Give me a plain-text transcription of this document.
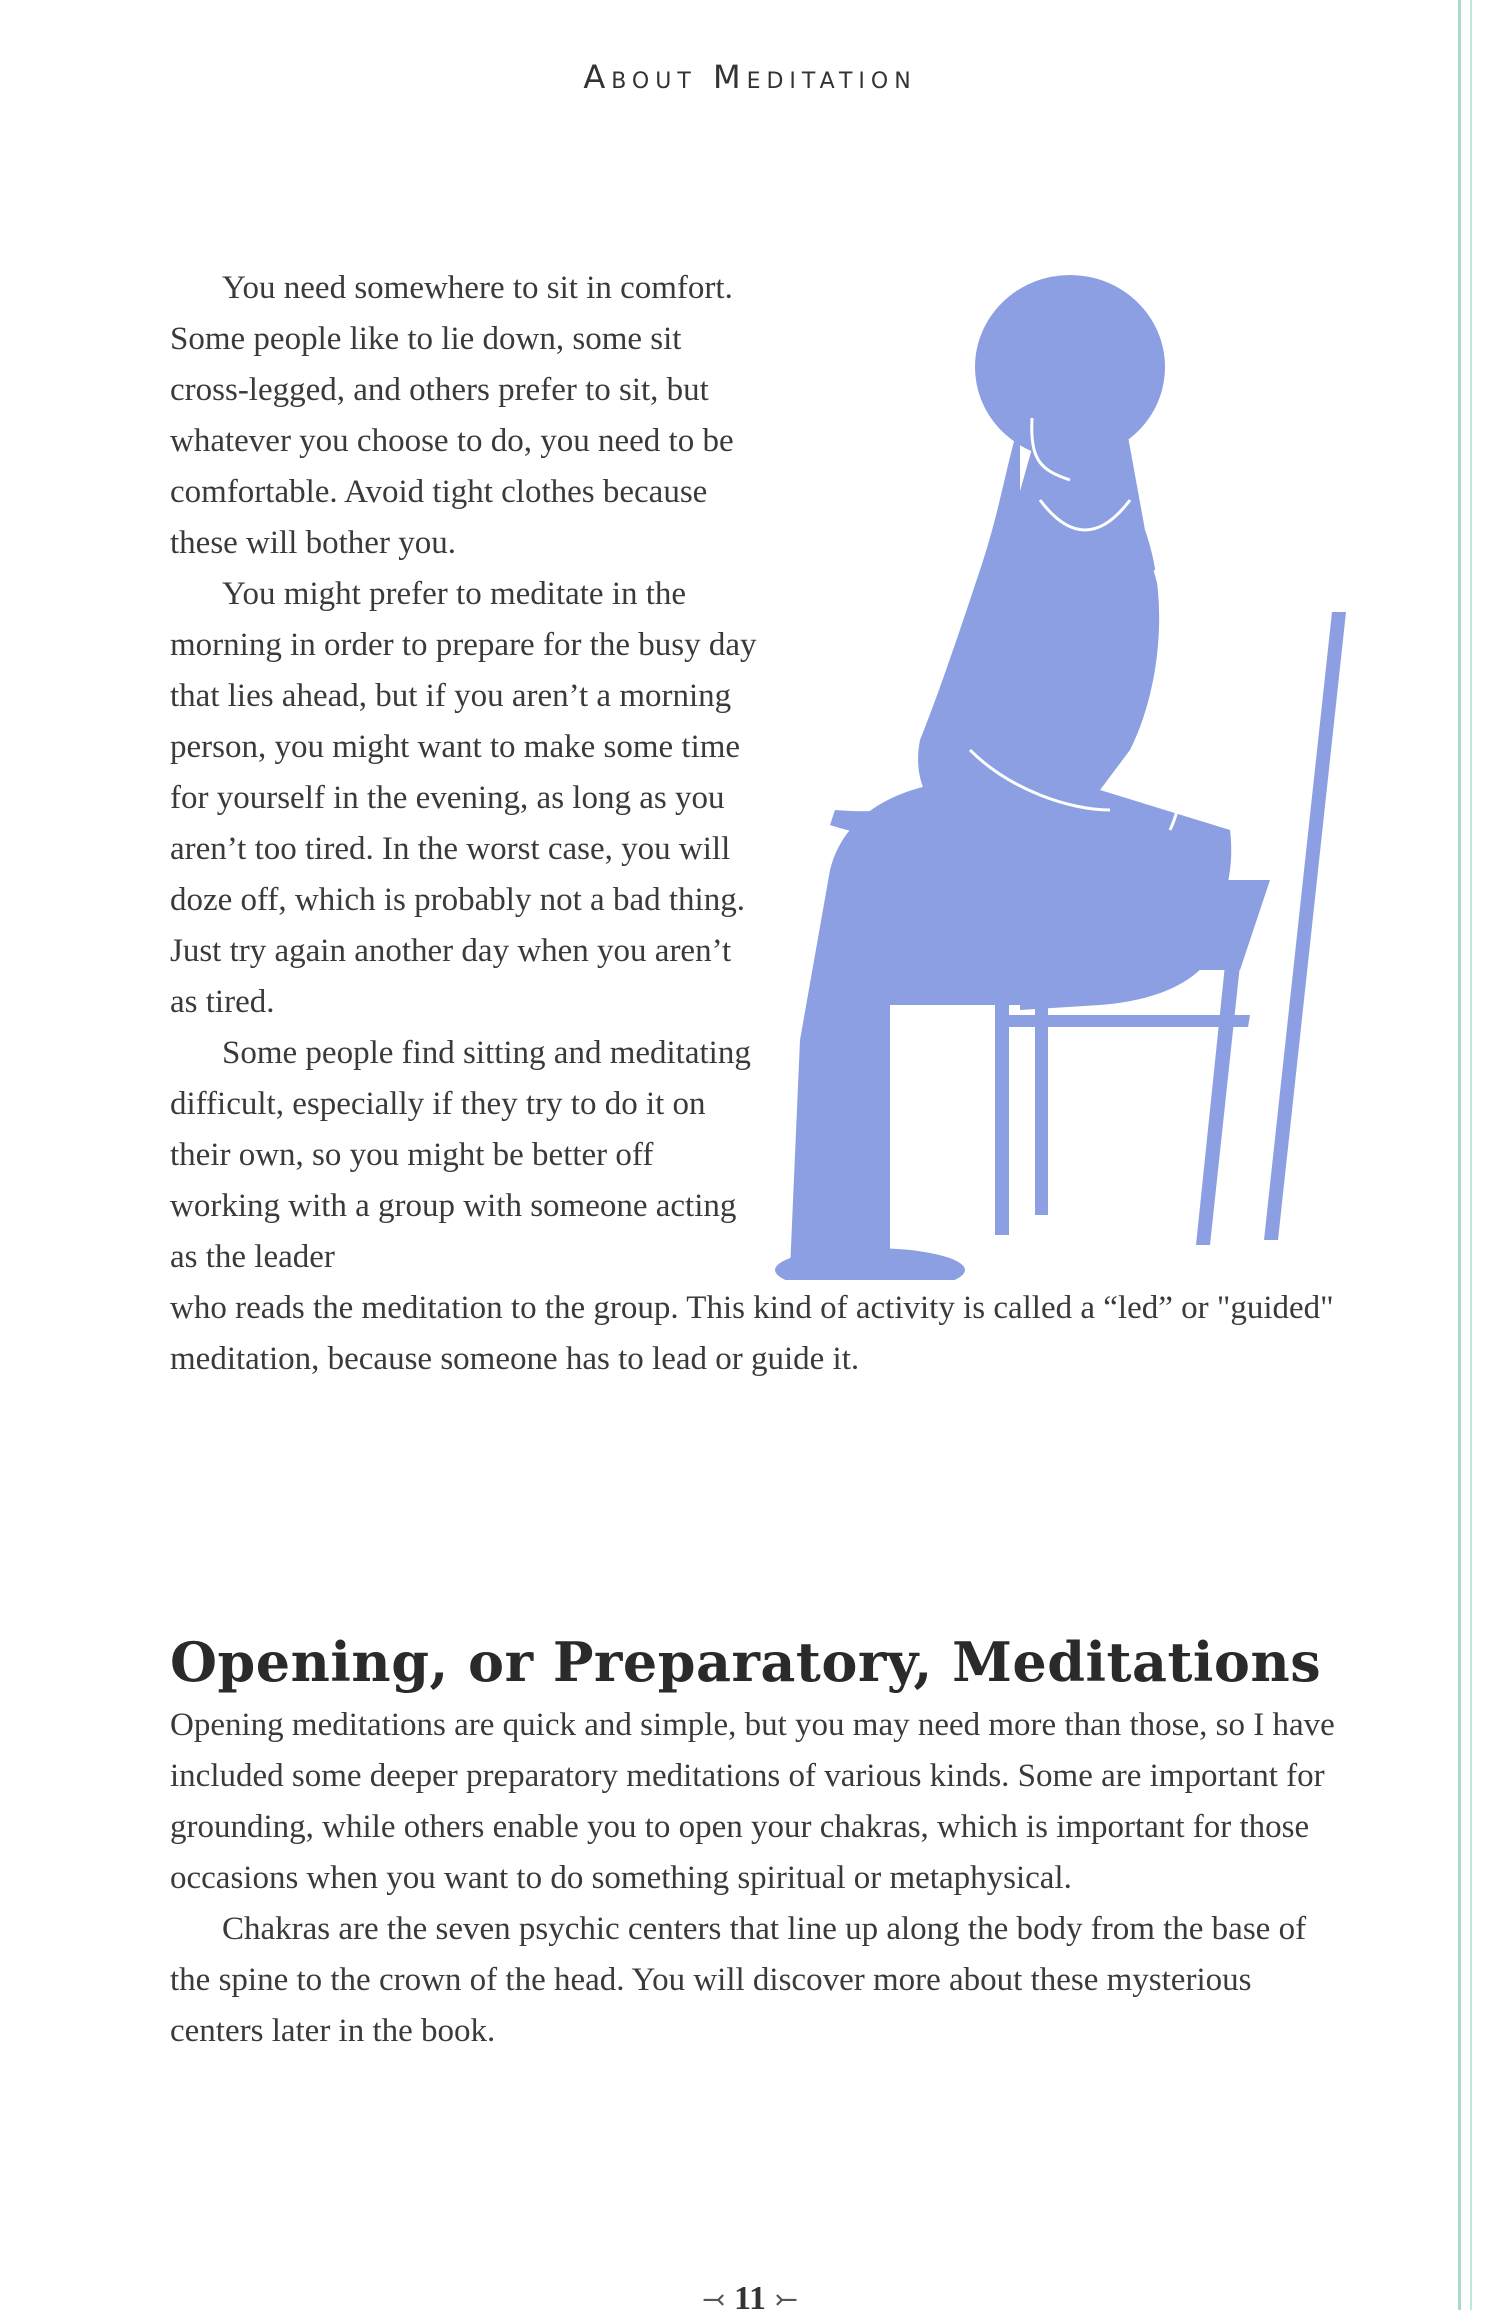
About Meditation

You need somewhere to sit in comfort. Some people like to lie down, some sit cross-legged, and others prefer to sit, but whatever you choose to do, you need to be comfortable. Avoid tight clothes because these will bother you.

You might prefer to meditate in the morning in order to prepare for the busy day that lies ahead, but if you aren’t a morning person, you might want to make some time for yourself in the evening, as long as you aren’t too tired. In the worst case, you will doze off, which is probably not a bad thing. Just try again another day when you aren’t as tired.

Some people find sitting and meditating difficult, especially if they try to do it on their own, so you might be better off working with a group with someone acting as the leader

who reads the meditation to the group. This kind of activity is called a “led” or "guided" meditation, because someone has to lead or guide it.

Opening, or Preparatory, Meditations

Opening meditations are quick and simple, but you may need more than those, so I have included some deeper preparatory meditations of various kinds. Some are important for grounding, while others enable you to open your chakras, which is important for those occasions when you want to do something spiritual or metaphysical.

Chakras are the seven psychic centers that line up along the body from the base of the spine to the crown of the head. You will discover more about these mysterious centers later in the book.

⤙ 11 ⤚
